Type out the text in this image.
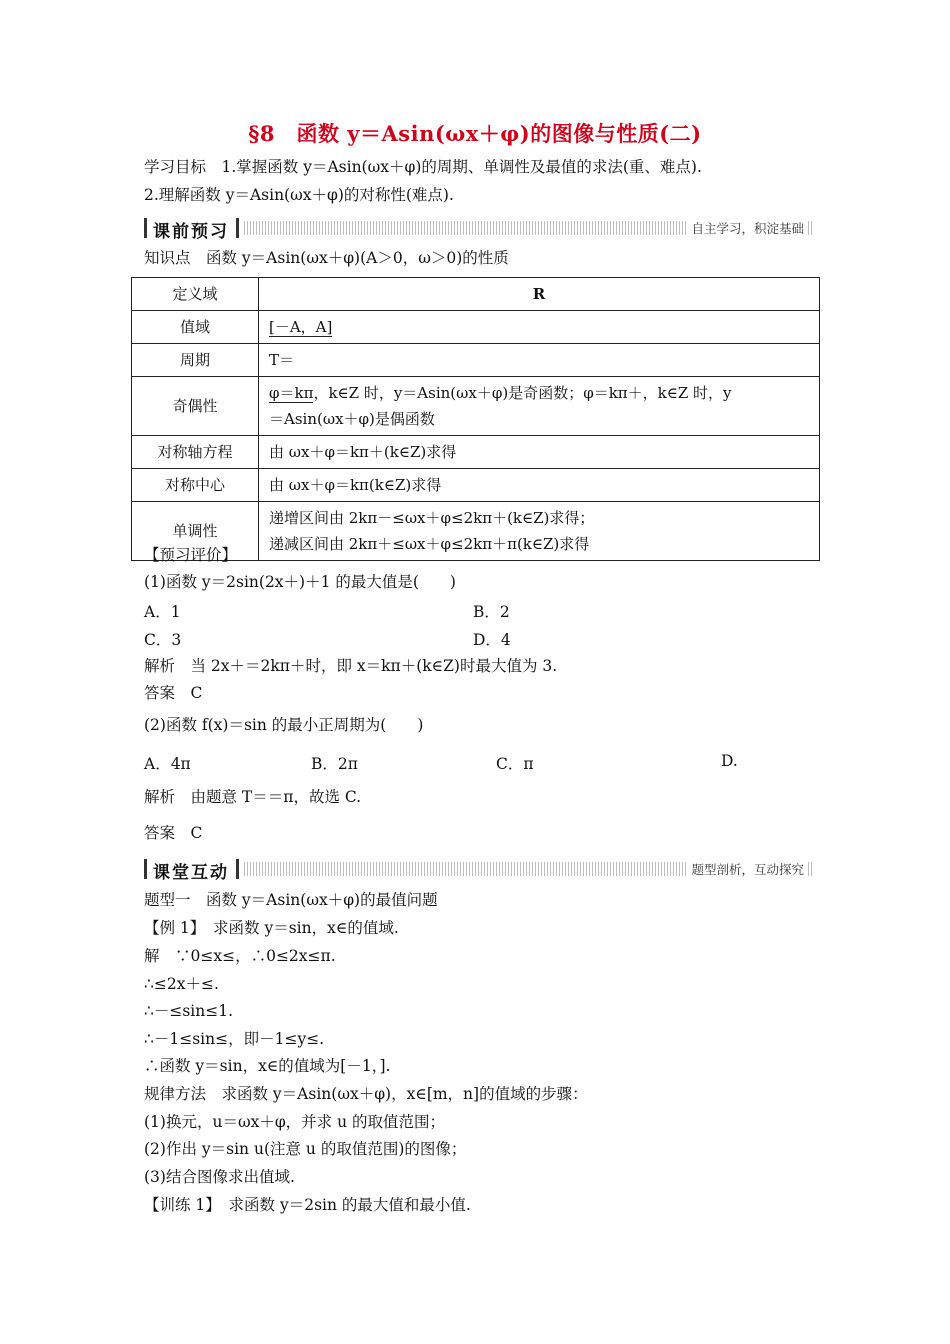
§8　函数 y＝Asin(ωx＋φ)的图像与性质(二)
学习目标　1.掌握函数 y＝Asin(ωx＋φ)的周期、单调性及最值的求法(重、难点).
2.理解函数 y＝Asin(ωx＋φ)的对称性(难点).
课前预习	自主学习，积淀基础
知识点　函数 y＝Asin(ωx＋φ)(A＞0，ω＞0)的性质
定义域	R
值域	[－A，A]
周期	T＝
奇偶性	φ＝kπ，k∈Z 时，y＝Asin(ωx＋φ)是奇函数；φ＝kπ＋，k∈Z 时，y
＝Asin(ωx＋φ)是偶函数

对称轴方程	由 ωx＋φ＝kπ＋(k∈Z)求得
对称中心	由 ωx＋φ＝kπ(k∈Z)求得
单调性	递增区间由 2kπ－≤ωx＋φ≤2kπ＋(k∈Z)求得；
递减区间由 2kπ＋≤ωx＋φ≤2kπ＋π(k∈Z)求得
【预习评价】
(1)函数 y＝2sin(2x＋)＋1 的最大值是(　　)
A．1	B．2
C．3	D．4
解析　当 2x＋＝2kπ＋时，即 x＝kπ＋(k∈Z)时最大值为 3.
答案　C
(2)函数 f(x)＝sin 的最小正周期为(　　)
A．4π	B．2π	C．π	D.
解析　由题意 T＝＝π，故选 C.
答案　C
课堂互动	题型剖析，互动探究
题型一　函数 y＝Asin(ωx＋φ)的最值问题
【例 1】　求函数 y＝sin，x∈的值域.
解　∵0≤x≤，∴0≤2x≤π.
∴≤2x＋≤.
∴－≤sin≤1.
∴－1≤sin≤，即－1≤y≤.
∴函数 y＝sin，x∈的值域为[－1，].
规律方法　求函数 y＝Asin(ωx＋φ)，x∈[m，n]的值域的步骤：
(1)换元，u＝ωx＋φ，并求 u 的取值范围；
(2)作出 y＝sin u(注意 u 的取值范围)的图像；
(3)结合图像求出值域.
【训练 1】　求函数 y＝2sin 的最大值和最小值.
